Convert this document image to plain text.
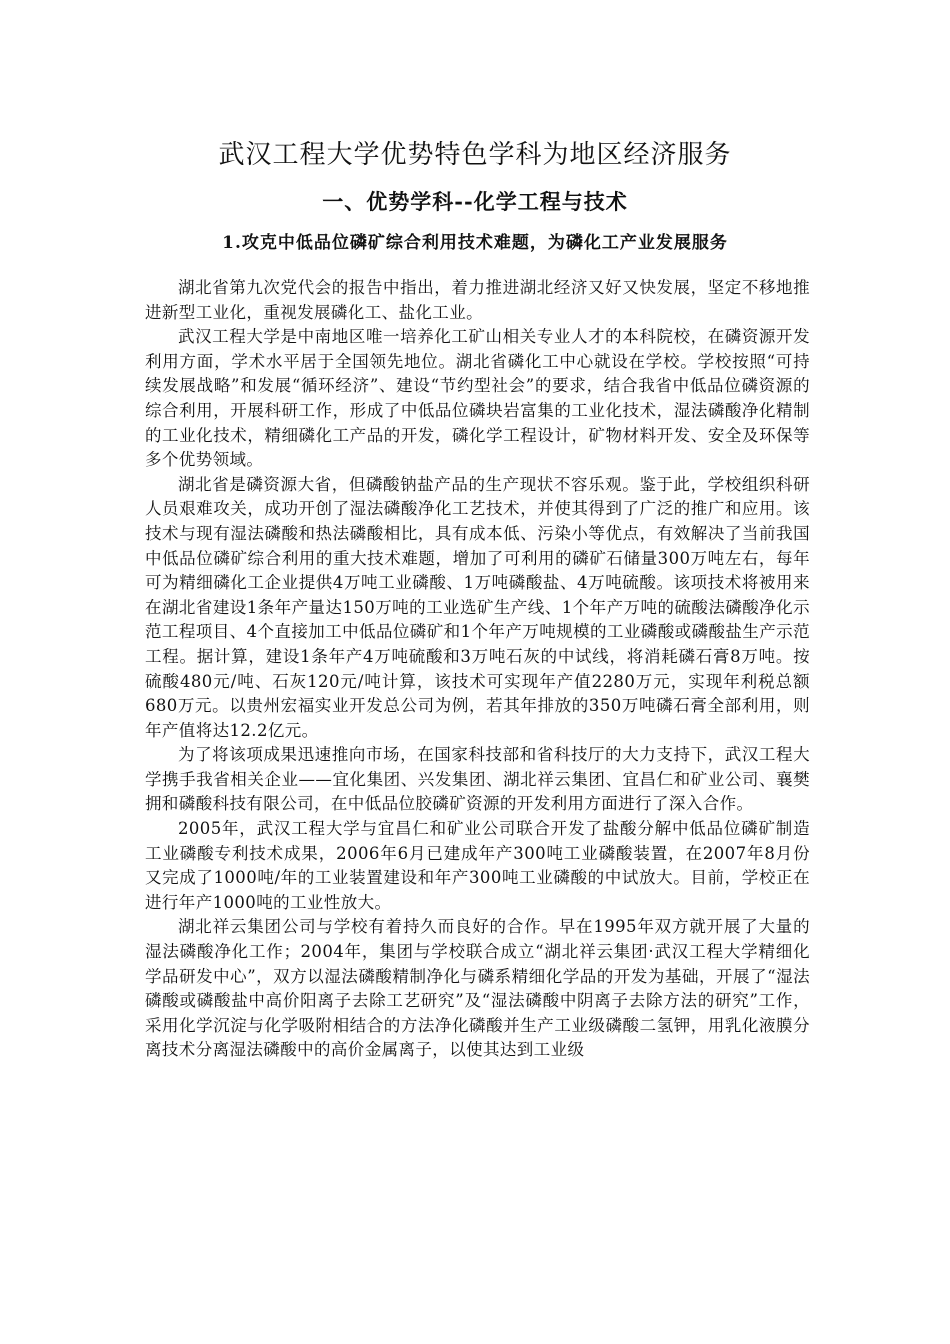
武汉工程大学优势特色学科为地区经济服务
一、优势学科--化学工程与技术
1.攻克中低品位磷矿综合利用技术难题，为磷化工产业发展服务

湖北省第九次党代会的报告中指出，着力推进湖北经济又好又快发展，坚定不移地推进新型工业化，重视发展磷化工、盐化工业。

武汉工程大学是中南地区唯一培养化工矿山相关专业人才的本科院校，在磷资源开发利用方面，学术水平居于全国领先地位。湖北省磷化工中心就设在学校。学校按照“可持续发展战略”和发展“循环经济”、建设“节约型社会”的要求，结合我省中低品位磷资源的综合利用，开展科研工作，形成了中低品位磷块岩富集的工业化技术，湿法磷酸净化精制的工业化技术，精细磷化工产品的开发，磷化学工程设计，矿物材料开发、安全及环保等多个优势领域。

湖北省是磷资源大省，但磷酸钠盐产品的生产现状不容乐观。鉴于此，学校组织科研人员艰难攻关，成功开创了湿法磷酸净化工艺技术，并使其得到了广泛的推广和应用。该技术与现有湿法磷酸和热法磷酸相比，具有成本低、污染小等优点，有效解决了当前我国中低品位磷矿综合利用的重大技术难题，增加了可利用的磷矿石储量300万吨左右，每年可为精细磷化工企业提供4万吨工业磷酸、1万吨磷酸盐、4万吨硫酸。该项技术将被用来在湖北省建设1条年产量达150万吨的工业选矿生产线、1个年产万吨的硫酸法磷酸净化示范工程项目、4个直接加工中低品位磷矿和1个年产万吨规模的工业磷酸或磷酸盐生产示范工程。据计算，建设1条年产4万吨硫酸和3万吨石灰的中试线，将消耗磷石膏8万吨。按硫酸480元/吨、石灰120元/吨计算，该技术可实现年产值2280万元，实现年利税总额680万元。以贵州宏福实业开发总公司为例，若其年排放的350万吨磷石膏全部利用，则年产值将达12.2亿元。

为了将该项成果迅速推向市场，在国家科技部和省科技厅的大力支持下，武汉工程大学携手我省相关企业——宜化集团、兴发集团、湖北祥云集团、宜昌仁和矿业公司、襄樊拥和磷酸科技有限公司，在中低品位胶磷矿资源的开发利用方面进行了深入合作。

2005年，武汉工程大学与宜昌仁和矿业公司联合开发了盐酸分解中低品位磷矿制造工业磷酸专利技术成果，2006年6月已建成年产300吨工业磷酸装置，在2007年8月份又完成了1000吨/年的工业装置建设和年产300吨工业磷酸的中试放大。目前，学校正在进行年产1000吨的工业性放大。

湖北祥云集团公司与学校有着持久而良好的合作。早在1995年双方就开展了大量的湿法磷酸净化工作；2004年，集团与学校联合成立“湖北祥云集团·武汉工程大学精细化学品研发中心”，双方以湿法磷酸精制净化与磷系精细化学品的开发为基础，开展了“湿法磷酸或磷酸盐中高价阳离子去除工艺研究”及“湿法磷酸中阴离子去除方法的研究”工作，采用化学沉淀与化学吸附相结合的方法净化磷酸并生产工业级磷酸二氢钾，用乳化液膜分离技术分离湿法磷酸中的高价金属离子，以使其达到工业级
